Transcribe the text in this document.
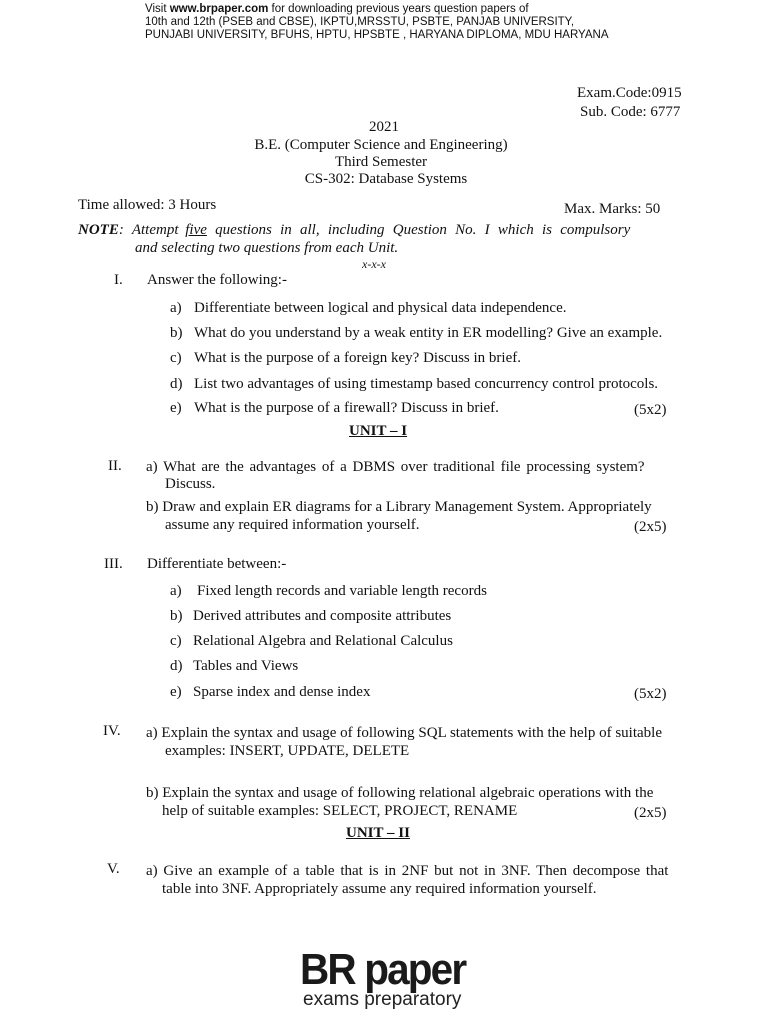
Visit www.brpaper.com for downloading previous years question papers of
10th and 12th (PSEB and CBSE), IKPTU,MRSSTU, PSBTE, PANJAB UNIVERSITY,
PUNJABI UNIVERSITY, BFUHS, HPTU, HPSBTE , HARYANA DIPLOMA, MDU HARYANA
Exam.Code:0915
Sub. Code: 6777
2021
B.E. (Computer Science and Engineering)
Third Semester
CS-302: Database Systems
Time allowed: 3 Hours	Max. Marks: 50
NOTE: Attempt five questions in all, including Question No. I which is compulsory
and selecting two questions from each Unit.
x-x-x
I. Answer the following:-
a) Differentiate between logical and physical data independence.
b) What do you understand by a weak entity in ER modelling? Give an example.
c) What is the purpose of a foreign key? Discuss in brief.
d) List two advantages of using timestamp based concurrency control protocols.
e) What is the purpose of a firewall? Discuss in brief.	(5x2)
UNIT – I
II. a) What are the advantages of a DBMS over traditional file processing system?
Discuss.
b) Draw and explain ER diagrams for a Library Management System. Appropriately
assume any required information yourself.	(2x5)
III. Differentiate between:-
a) Fixed length records and variable length records
b) Derived attributes and composite attributes
c) Relational Algebra and Relational Calculus
d) Tables and Views
e) Sparse index and dense index	(5x2)
IV. a) Explain the syntax and usage of following SQL statements with the help of suitable
examples: INSERT, UPDATE, DELETE
b) Explain the syntax and usage of following relational algebraic operations with the
help of suitable examples: SELECT, PROJECT, RENAME	(2x5)
UNIT – II
V. a) Give an example of a table that is in 2NF but not in 3NF. Then decompose that
table into 3NF. Appropriately assume any required information yourself.
BR paper
exams preparatory
